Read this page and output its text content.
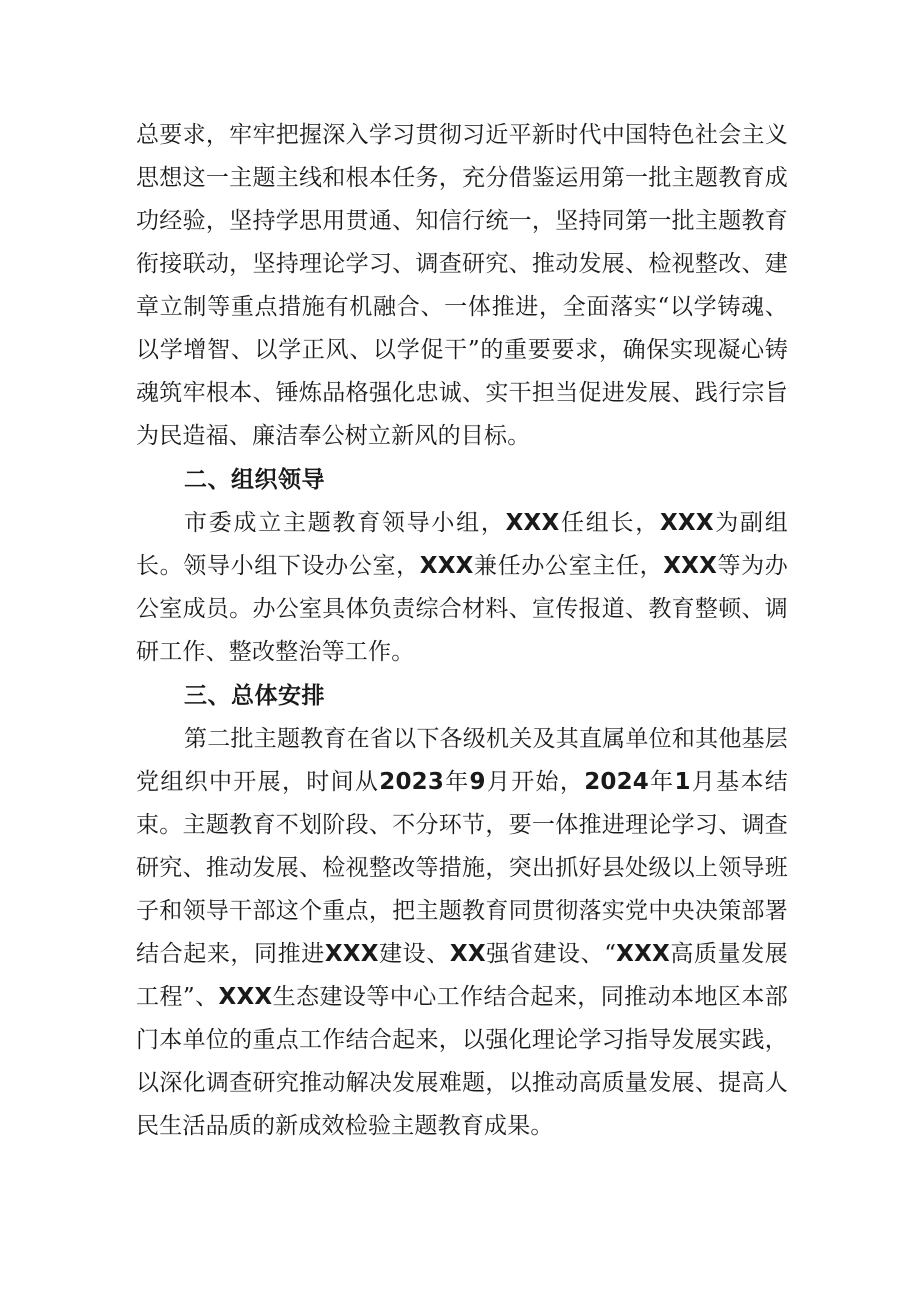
总要求，牢牢把握深入学习贯彻习近平新时代中国特色社会主义思想这一主题主线和根本任务，充分借鉴运用第一批主题教育成功经验，坚持学思用贯通、知信行统一，坚持同第一批主题教育衔接联动，坚持理论学习、调查研究、推动发展、检视整改、建章立制等重点措施有机融合、一体推进，全面落实“以学铸魂、以学增智、以学正风、以学促干”的重要要求，确保实现凝心铸魂筑牢根本、锤炼品格强化忠诚、实干担当促进发展、践行宗旨为民造福、廉洁奉公树立新风的目标。

二、组织领导

市委成立主题教育领导小组，XXX任组长，XXX为副组长。领导小组下设办公室，XXX兼任办公室主任，XXX等为办公室成员。办公室具体负责综合材料、宣传报道、教育整顿、调研工作、整改整治等工作。

三、总体安排

第二批主题教育在省以下各级机关及其直属单位和其他基层党组织中开展，时间从2023年9月开始，2024年1月基本结束。主题教育不划阶段、不分环节，要一体推进理论学习、调查研究、推动发展、检视整改等措施，突出抓好县处级以上领导班子和领导干部这个重点，把主题教育同贯彻落实党中央决策部署结合起来，同推进XXX建设、XX强省建设、“XXX高质量发展工程”、XXX生态建设等中心工作结合起来，同推动本地区本部门本单位的重点工作结合起来，以强化理论学习指导发展实践，以深化调查研究推动解决发展难题，以推动高质量发展、提高人民生活品质的新成效检验主题教育成果。
